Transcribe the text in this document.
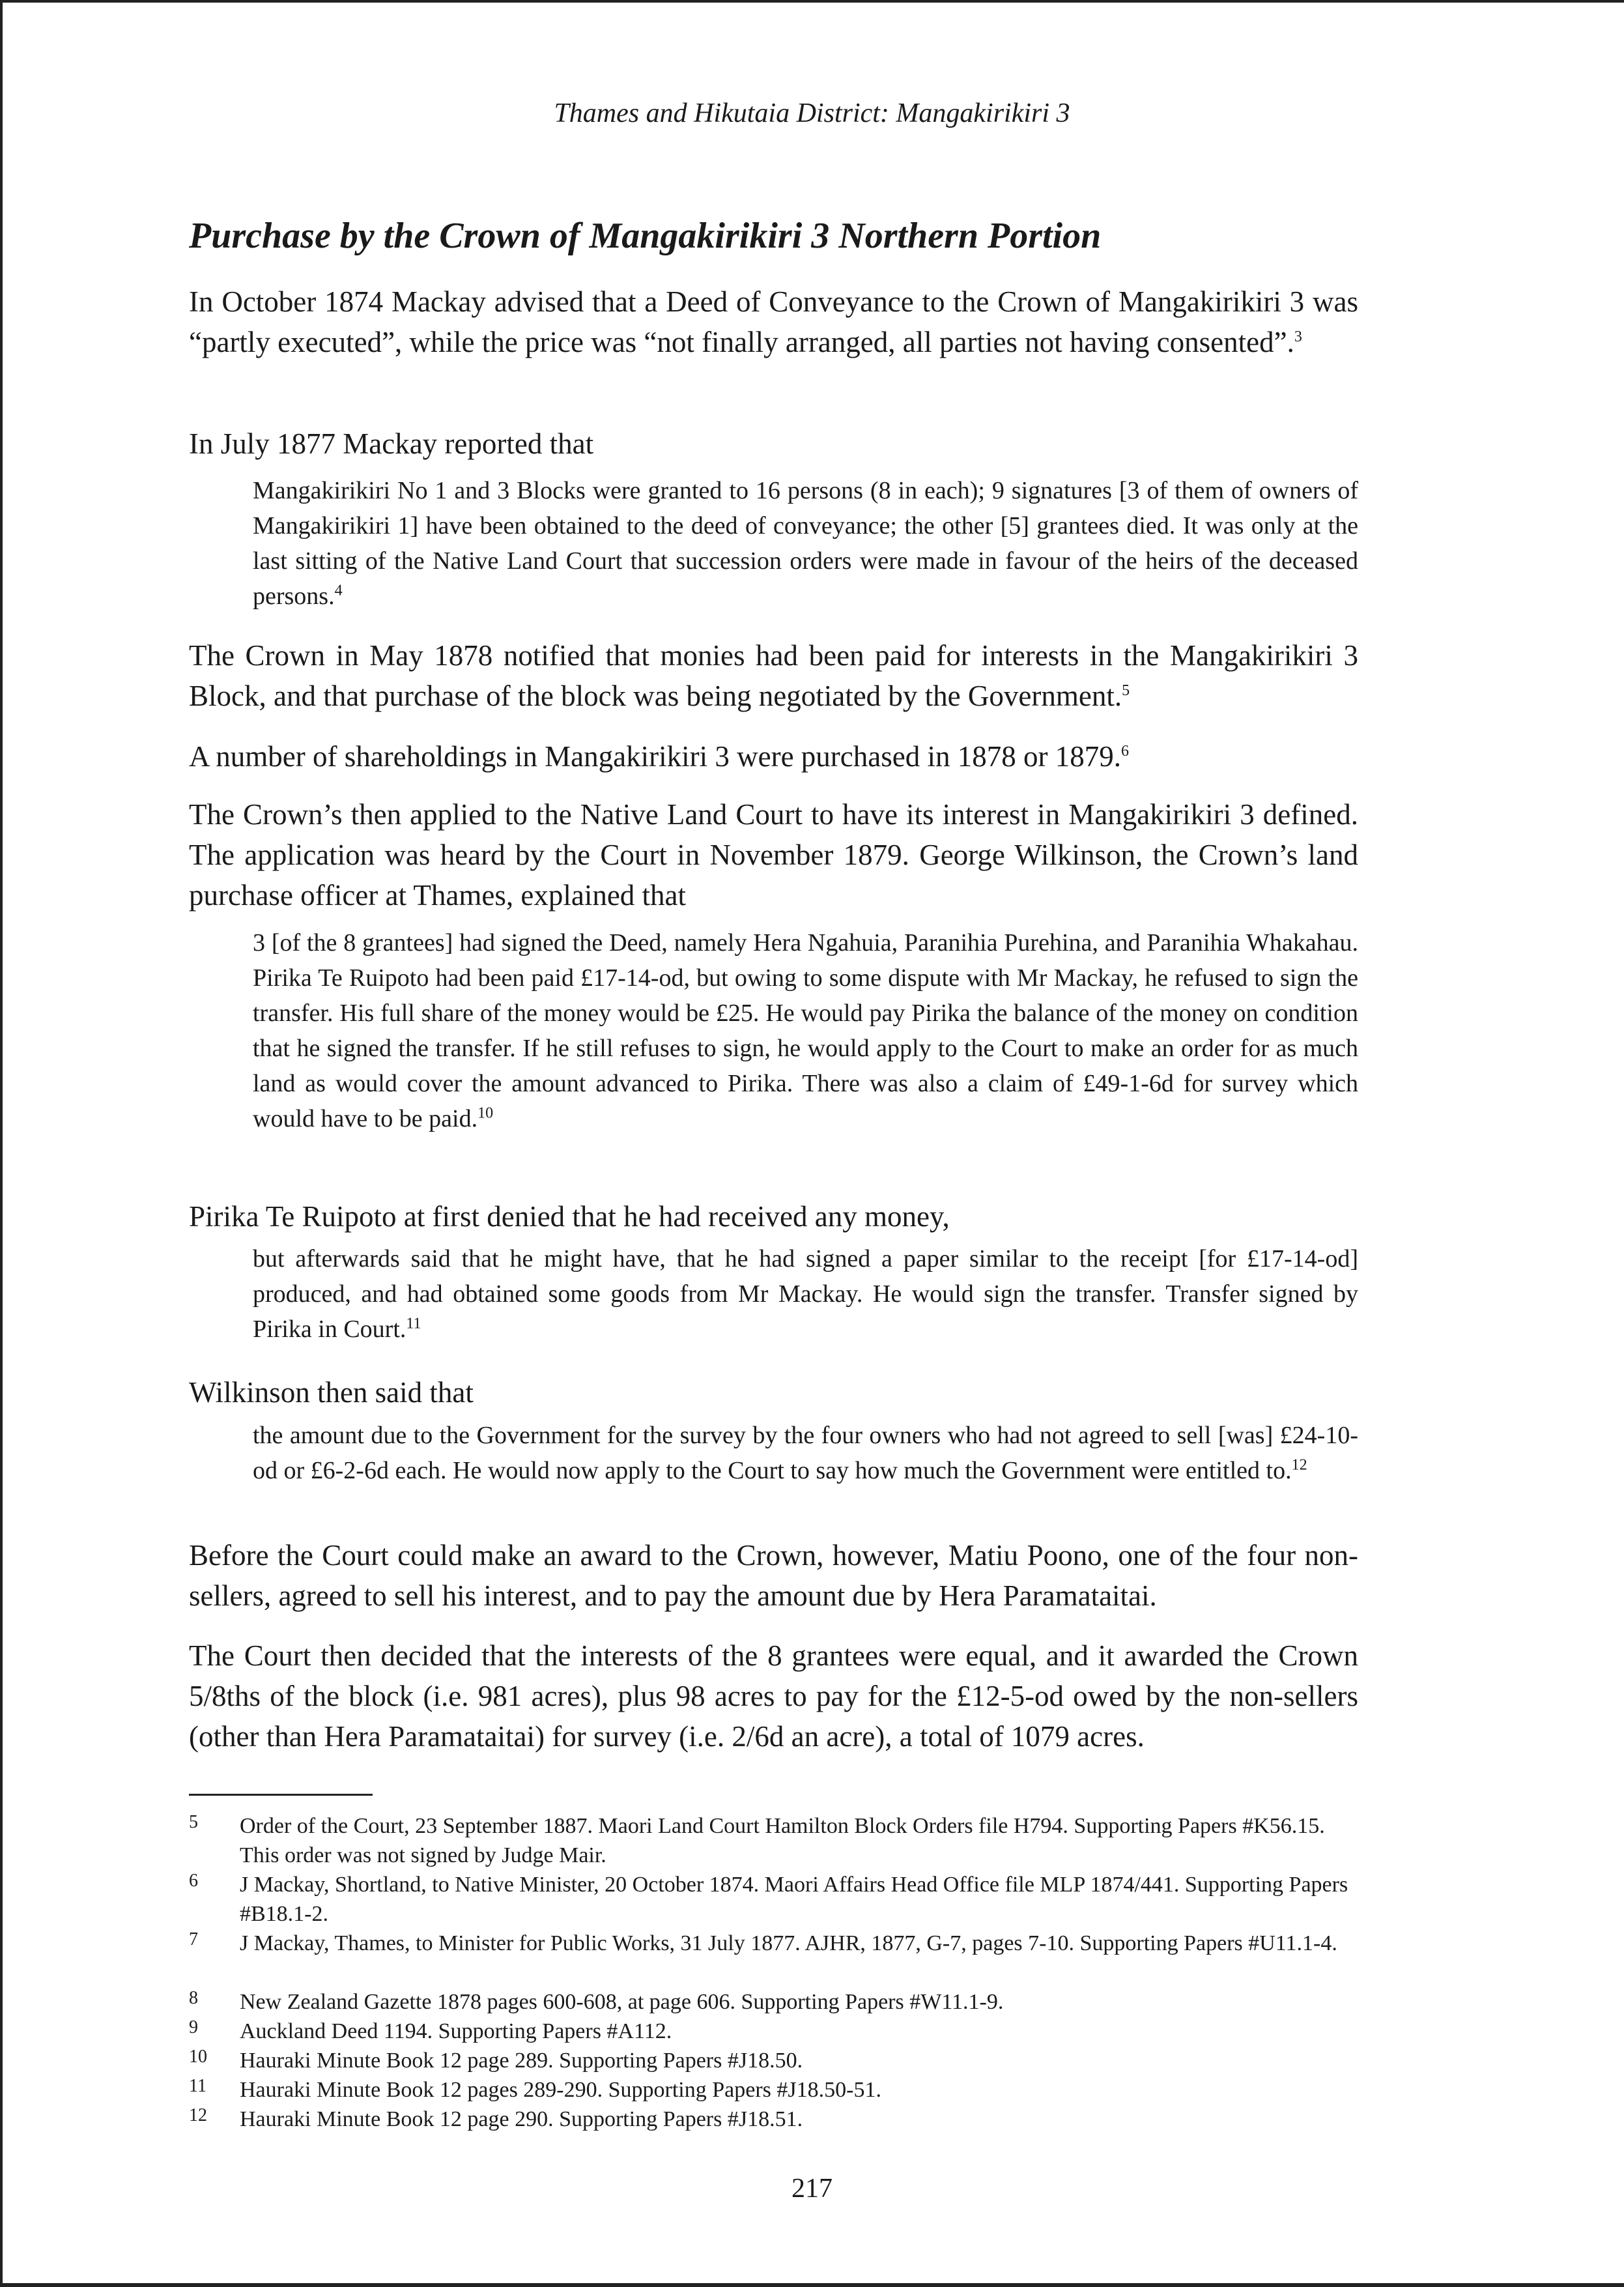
Thames and Hikutaia District: Mangakirikiri 3
Purchase by the Crown of Mangakirikiri 3 Northern Portion

In October 1874 Mackay advised that a Deed of Conveyance to the Crown of Mangakirikiri 3 was “partly executed”, while the price was “not finally arranged, all parties not having consented”.$^3$

In July 1877 Mackay reported that

Mangakirikiri No 1 and 3 Blocks were granted to 16 persons (8 in each); 9 signatures [3 of them of owners of Mangakirikiri 1] have been obtained to the deed of conveyance; the other [5] grantees died. It was only at the last sitting of the Native Land Court that succession orders were made in favour of the heirs of the deceased persons.$^4$

The Crown in May 1878 notified that monies had been paid for interests in the Mangakirikiri 3 Block, and that purchase of the block was being negotiated by the Government.$^5$

A number of shareholdings in Mangakirikiri 3 were purchased in 1878 or 1879.$^6$

The Crown’s then applied to the Native Land Court to have its interest in Mangakirikiri 3 defined. The application was heard by the Court in November 1879. George Wilkinson, the Crown’s land purchase officer at Thames, explained that

3 [of the 8 grantees] had signed the Deed, namely Hera Ngahuia, Paranihia Purehina, and Paranihia Whakahau. Pirika Te Ruipoto had been paid £17-14-od, but owing to some dispute with Mr Mackay, he refused to sign the transfer. His full share of the money would be £25. He would pay Pirika the balance of the money on condition that he signed the transfer. If he still refuses to sign, he would apply to the Court to make an order for as much land as would cover the amount advanced to Pirika. There was also a claim of £49-1-6d for survey which would have to be paid.$^{10}$

Pirika Te Ruipoto at first denied that he had received any money,

but afterwards said that he might have, that he had signed a paper similar to the receipt [for £17-14-od] produced, and had obtained some goods from Mr Mackay. He would sign the transfer. Transfer signed by Pirika in Court.$^{11}$

Wilkinson then said that

the amount due to the Government for the survey by the four owners who had not agreed to sell [was] £24-10-od or £6-2-6d each. He would now apply to the Court to say how much the Government were entitled to.$^{12}$

Before the Court could make an award to the Crown, however, Matiu Poono, one of the four non-sellers, agreed to sell his interest, and to pay the amount due by Hera Paramataitai.

The Court then decided that the interests of the 8 grantees were equal, and it awarded the Crown 5/8ths of the block (i.e. 981 acres), plus 98 acres to pay for the £12-5-od owed by the non-sellers (other than Hera Paramataitai) for survey (i.e. 2/6d an acre), a total of 1079 acres.

5	Order of the Court, 23 September 1887. Maori Land Court Hamilton Block Orders file H794. Supporting Papers #K56.15. This order was not signed by Judge Mair.
6	J Mackay, Shortland, to Native Minister, 20 October 1874. Maori Affairs Head Office file MLP 1874/441. Supporting Papers #B18.1-2.
7	J Mackay, Thames, to Minister for Public Works, 31 July 1877. AJHR, 1877, G-7, pages 7-10. Supporting Papers #U11.1-4.
8	New Zealand Gazette 1878 pages 600-608, at page 606. Supporting Papers #W11.1-9.
9	Auckland Deed 1194. Supporting Papers #A112.
10	Hauraki Minute Book 12 page 289. Supporting Papers #J18.50.
11	Hauraki Minute Book 12 pages 289-290. Supporting Papers #J18.50-51.
12	Hauraki Minute Book 12 page 290. Supporting Papers #J18.51.
217
